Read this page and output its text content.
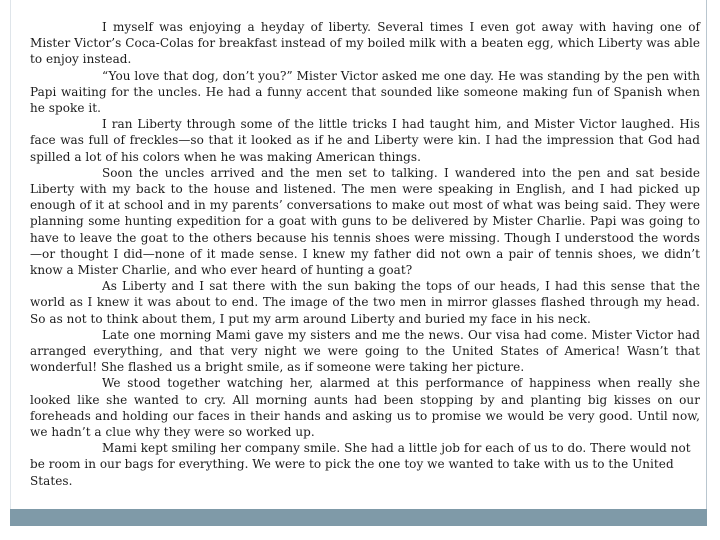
I myself was enjoying a heyday of liberty. Several times I even got away with having one of Mister Victor’s Coca-Colas for breakfast instead of my boiled milk with a beaten egg, which Liberty was able to enjoy instead.

“You love that dog, don’t you?” Mister Victor asked me one day. He was standing by the pen with Papi waiting for the uncles. He had a funny accent that sounded like someone making fun of Spanish when he spoke it.

I ran Liberty through some of the little tricks I had taught him, and Mister Victor laughed. His face was full of freckles—so that it looked as if he and Liberty were kin. I had the impression that God had spilled a lot of his colors when he was making American things.

Soon the uncles arrived and the men set to talking. I wandered into the pen and sat beside Liberty with my back to the house and listened. The men were speaking in English, and I had picked up enough of it at school and in my parents’ conversations to make out most of what was being said. They were planning some hunting expedition for a goat with guns to be delivered by Mister Charlie. Papi was going to have to leave the goat to the others because his tennis shoes were missing. Though I understood the words —or thought I did—none of it made sense. I knew my father did not own a pair of tennis shoes, we didn’t know a Mister Charlie, and who ever heard of hunting a goat?

As Liberty and I sat there with the sun baking the tops of our heads, I had this sense that the world as I knew it was about to end. The image of the two men in mirror glasses flashed through my head. So as not to think about them, I put my arm around Liberty and buried my face in his neck.

Late one morning Mami gave my sisters and me the news. Our visa had come. Mister Victor had arranged everything, and that very night we were going to the United States of America! Wasn’t that wonderful! She flashed us a bright smile, as if someone were taking her picture.

We stood together watching her, alarmed at this performance of happiness when really she looked like she wanted to cry. All morning aunts had been stopping by and planting big kisses on our foreheads and holding our faces in their hands and asking us to promise we would be very good. Until now, we hadn’t a clue why they were so worked up.

Mami kept smiling her company smile. She had a little job for each of us to do. There would not be room in our bags for everything. We were to pick the one toy we wanted to take with us to the United States.
